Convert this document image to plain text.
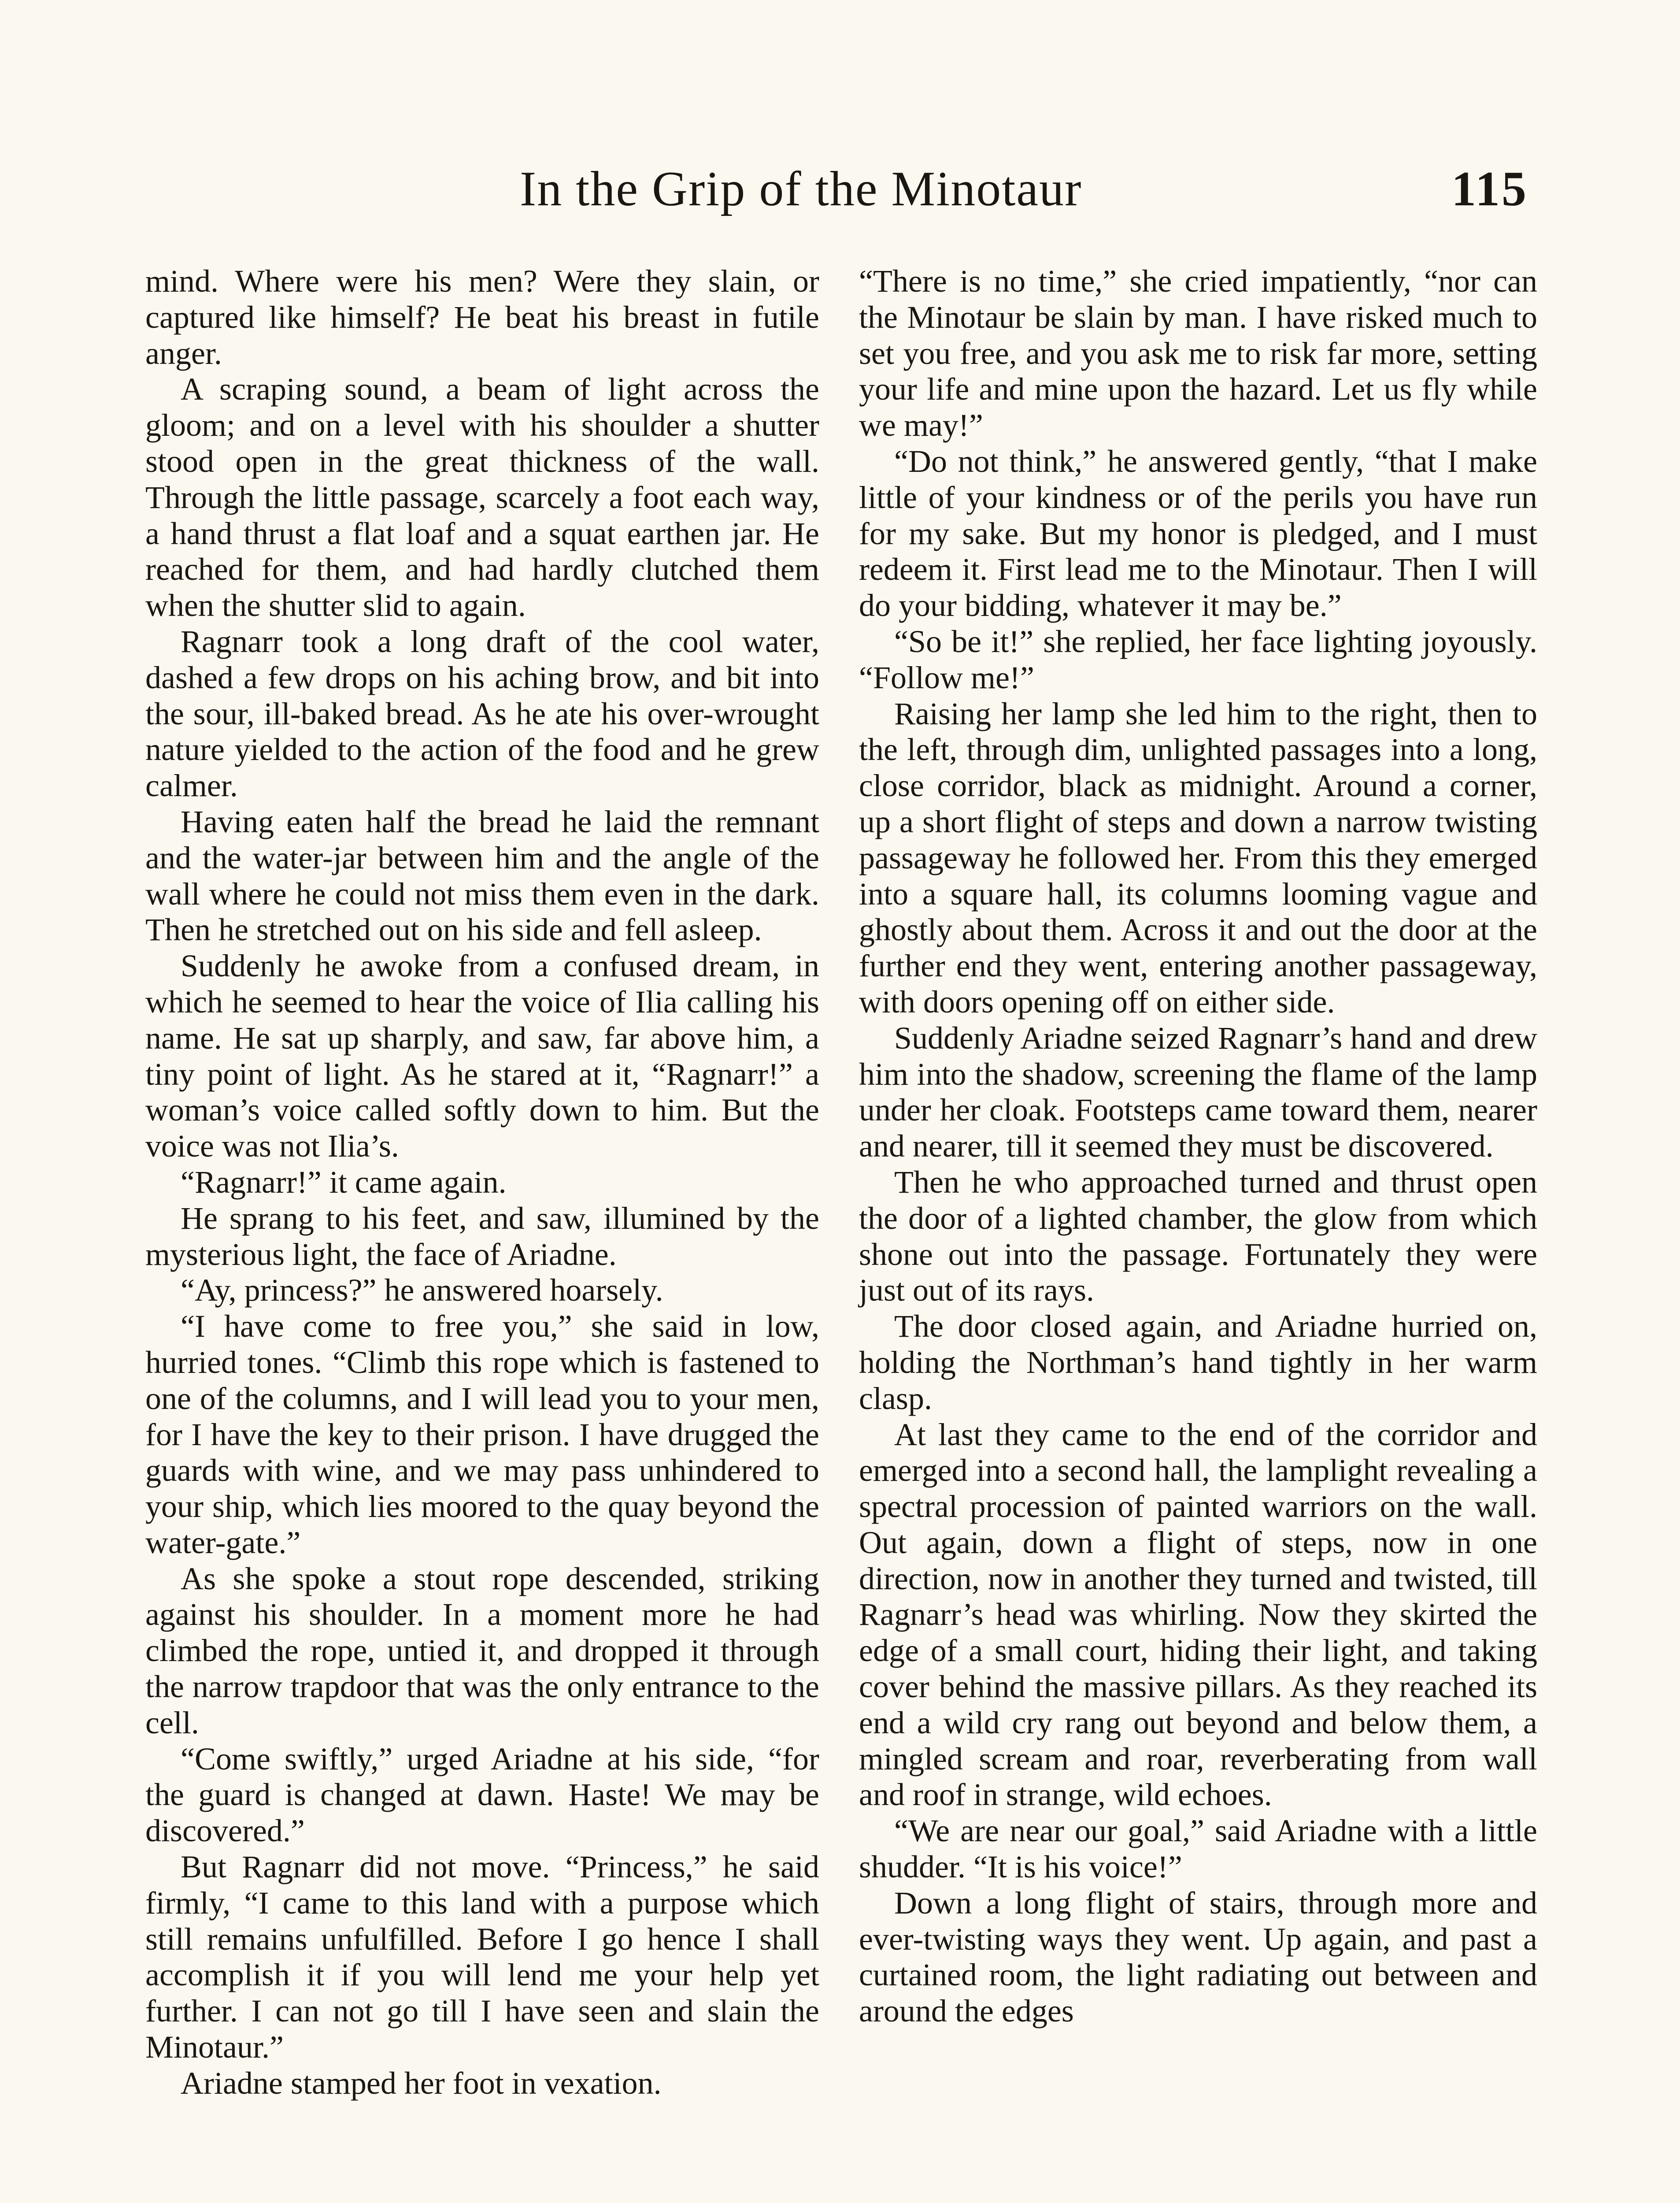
In the Grip of the Minotaur	115

mind. Where were his men? Were they slain, or captured like himself? He beat his breast in futile anger.

A scraping sound, a beam of light across the gloom; and on a level with his shoulder a shutter stood open in the great thickness of the wall. Through the little passage, scarcely a foot each way, a hand thrust a flat loaf and a squat earthen jar. He reached for them, and had hardly clutched them when the shutter slid to again.

Ragnarr took a long draft of the cool water, dashed a few drops on his aching brow, and bit into the sour, ill-baked bread. As he ate his over-wrought nature yielded to the action of the food and he grew calmer.

Having eaten half the bread he laid the remnant and the water-jar between him and the angle of the wall where he could not miss them even in the dark. Then he stretched out on his side and fell asleep.

Suddenly he awoke from a confused dream, in which he seemed to hear the voice of Ilia calling his name. He sat up sharply, and saw, far above him, a tiny point of light. As he stared at it, “Ragnarr!” a woman’s voice called softly down to him. But the voice was not Ilia’s.

“Ragnarr!” it came again.

He sprang to his feet, and saw, illumined by the mysterious light, the face of Ariadne.

“Ay, princess?” he answered hoarsely.

“I have come to free you,” she said in low, hurried tones. “Climb this rope which is fastened to one of the columns, and I will lead you to your men, for I have the key to their prison. I have drugged the guards with wine, and we may pass unhindered to your ship, which lies moored to the quay beyond the water-gate.”

As she spoke a stout rope descended, striking against his shoulder. In a moment more he had climbed the rope, untied it, and dropped it through the narrow trapdoor that was the only entrance to the cell.

“Come swiftly,” urged Ariadne at his side, “for the guard is changed at dawn. Haste! We may be discovered.”

But Ragnarr did not move. “Princess,” he said firmly, “I came to this land with a purpose which still remains unfulfilled. Before I go hence I shall accomplish it if you will lend me your help yet further. I can not go till I have seen and slain the Minotaur.”

Ariadne stamped her foot in vexation.

“There is no time,” she cried impatiently, “nor can the Minotaur be slain by man. I have risked much to set you free, and you ask me to risk far more, setting your life and mine upon the hazard. Let us fly while we may!”

“Do not think,” he answered gently, “that I make little of your kindness or of the perils you have run for my sake. But my honor is pledged, and I must redeem it. First lead me to the Minotaur. Then I will do your bidding, whatever it may be.”

“So be it!” she replied, her face lighting joyously. “Follow me!”

Raising her lamp she led him to the right, then to the left, through dim, unlighted passages into a long, close corridor, black as midnight. Around a corner, up a short flight of steps and down a narrow twisting passageway he followed her. From this they emerged into a square hall, its columns looming vague and ghostly about them. Across it and out the door at the further end they went, entering another passageway, with doors opening off on either side.

Suddenly Ariadne seized Ragnarr’s hand and drew him into the shadow, screening the flame of the lamp under her cloak. Footsteps came toward them, nearer and nearer, till it seemed they must be discovered.

Then he who approached turned and thrust open the door of a lighted chamber, the glow from which shone out into the passage. Fortunately they were just out of its rays.

The door closed again, and Ariadne hurried on, holding the Northman’s hand tightly in her warm clasp.

At last they came to the end of the corridor and emerged into a second hall, the lamplight revealing a spectral procession of painted warriors on the wall. Out again, down a flight of steps, now in one direction, now in another they turned and twisted, till Ragnarr’s head was whirling. Now they skirted the edge of a small court, hiding their light, and taking cover behind the massive pillars. As they reached its end a wild cry rang out beyond and below them, a mingled scream and roar, reverberating from wall and roof in strange, wild echoes.

“We are near our goal,” said Ariadne with a little shudder. “It is his voice!”

Down a long flight of stairs, through more and ever-twisting ways they went. Up again, and past a curtained room, the light radiating out between and around the edges
